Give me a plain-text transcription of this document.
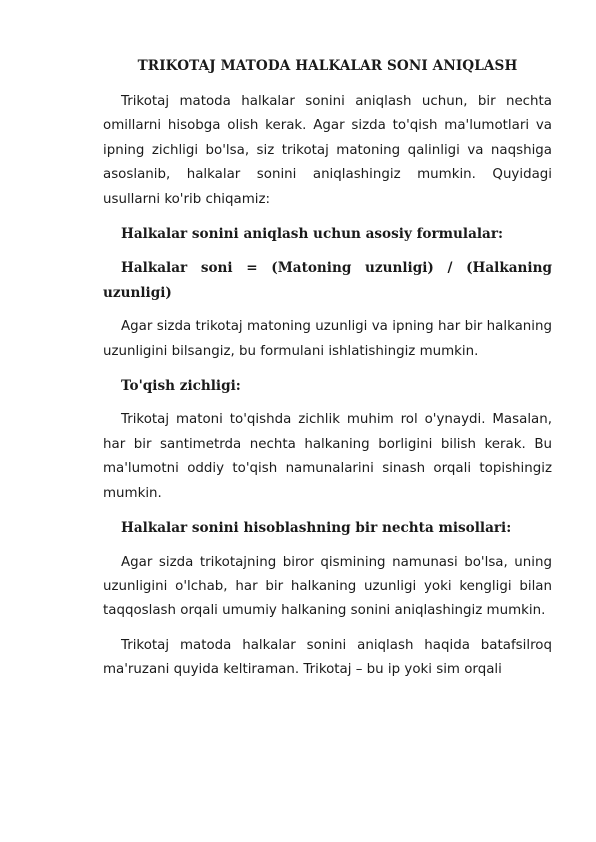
TRIKOTAJ MATODA HALKALAR SONI ANIQLASH

Trikotaj matoda halkalar sonini aniqlash uchun, bir nechta omillarni hisobga olish kerak. Agar sizda to'qish ma'lumotlari va ipning zichligi bo'lsa, siz trikotaj matoning qalinligi va naqshiga asoslanib, halkalar sonini aniqlashingiz mumkin. Quyidagi usullarni ko'rib chiqamiz:

Halkalar sonini aniqlash uchun asosiy formulalar:

Halkalar soni = (Matoning uzunligi) / (Halkaning uzunligi)

Agar sizda trikotaj matoning uzunligi va ipning har bir halkaning uzunligini bilsangiz, bu formulani ishlatishingiz mumkin.

To'qish zichligi:

Trikotaj matoni to'qishda zichlik muhim rol o'ynaydi. Masalan, har bir santimetrda nechta halkaning borligini bilish kerak. Bu ma'lumotni oddiy to'qish namunalarini sinash orqali topishingiz mumkin.

Halkalar sonini hisoblashning bir nechta misollari:

Agar sizda trikotajning biror qismining namunasi bo'lsa, uning uzunligini o'lchab, har bir halkaning uzunligi yoki kengligi bilan taqqoslash orqali umumiy halkaning sonini aniqlashingiz mumkin.

Trikotaj matoda halkalar sonini aniqlash haqida batafsilroq ma'ruzani quyida keltiraman. Trikotaj – bu ip yoki sim orqali
